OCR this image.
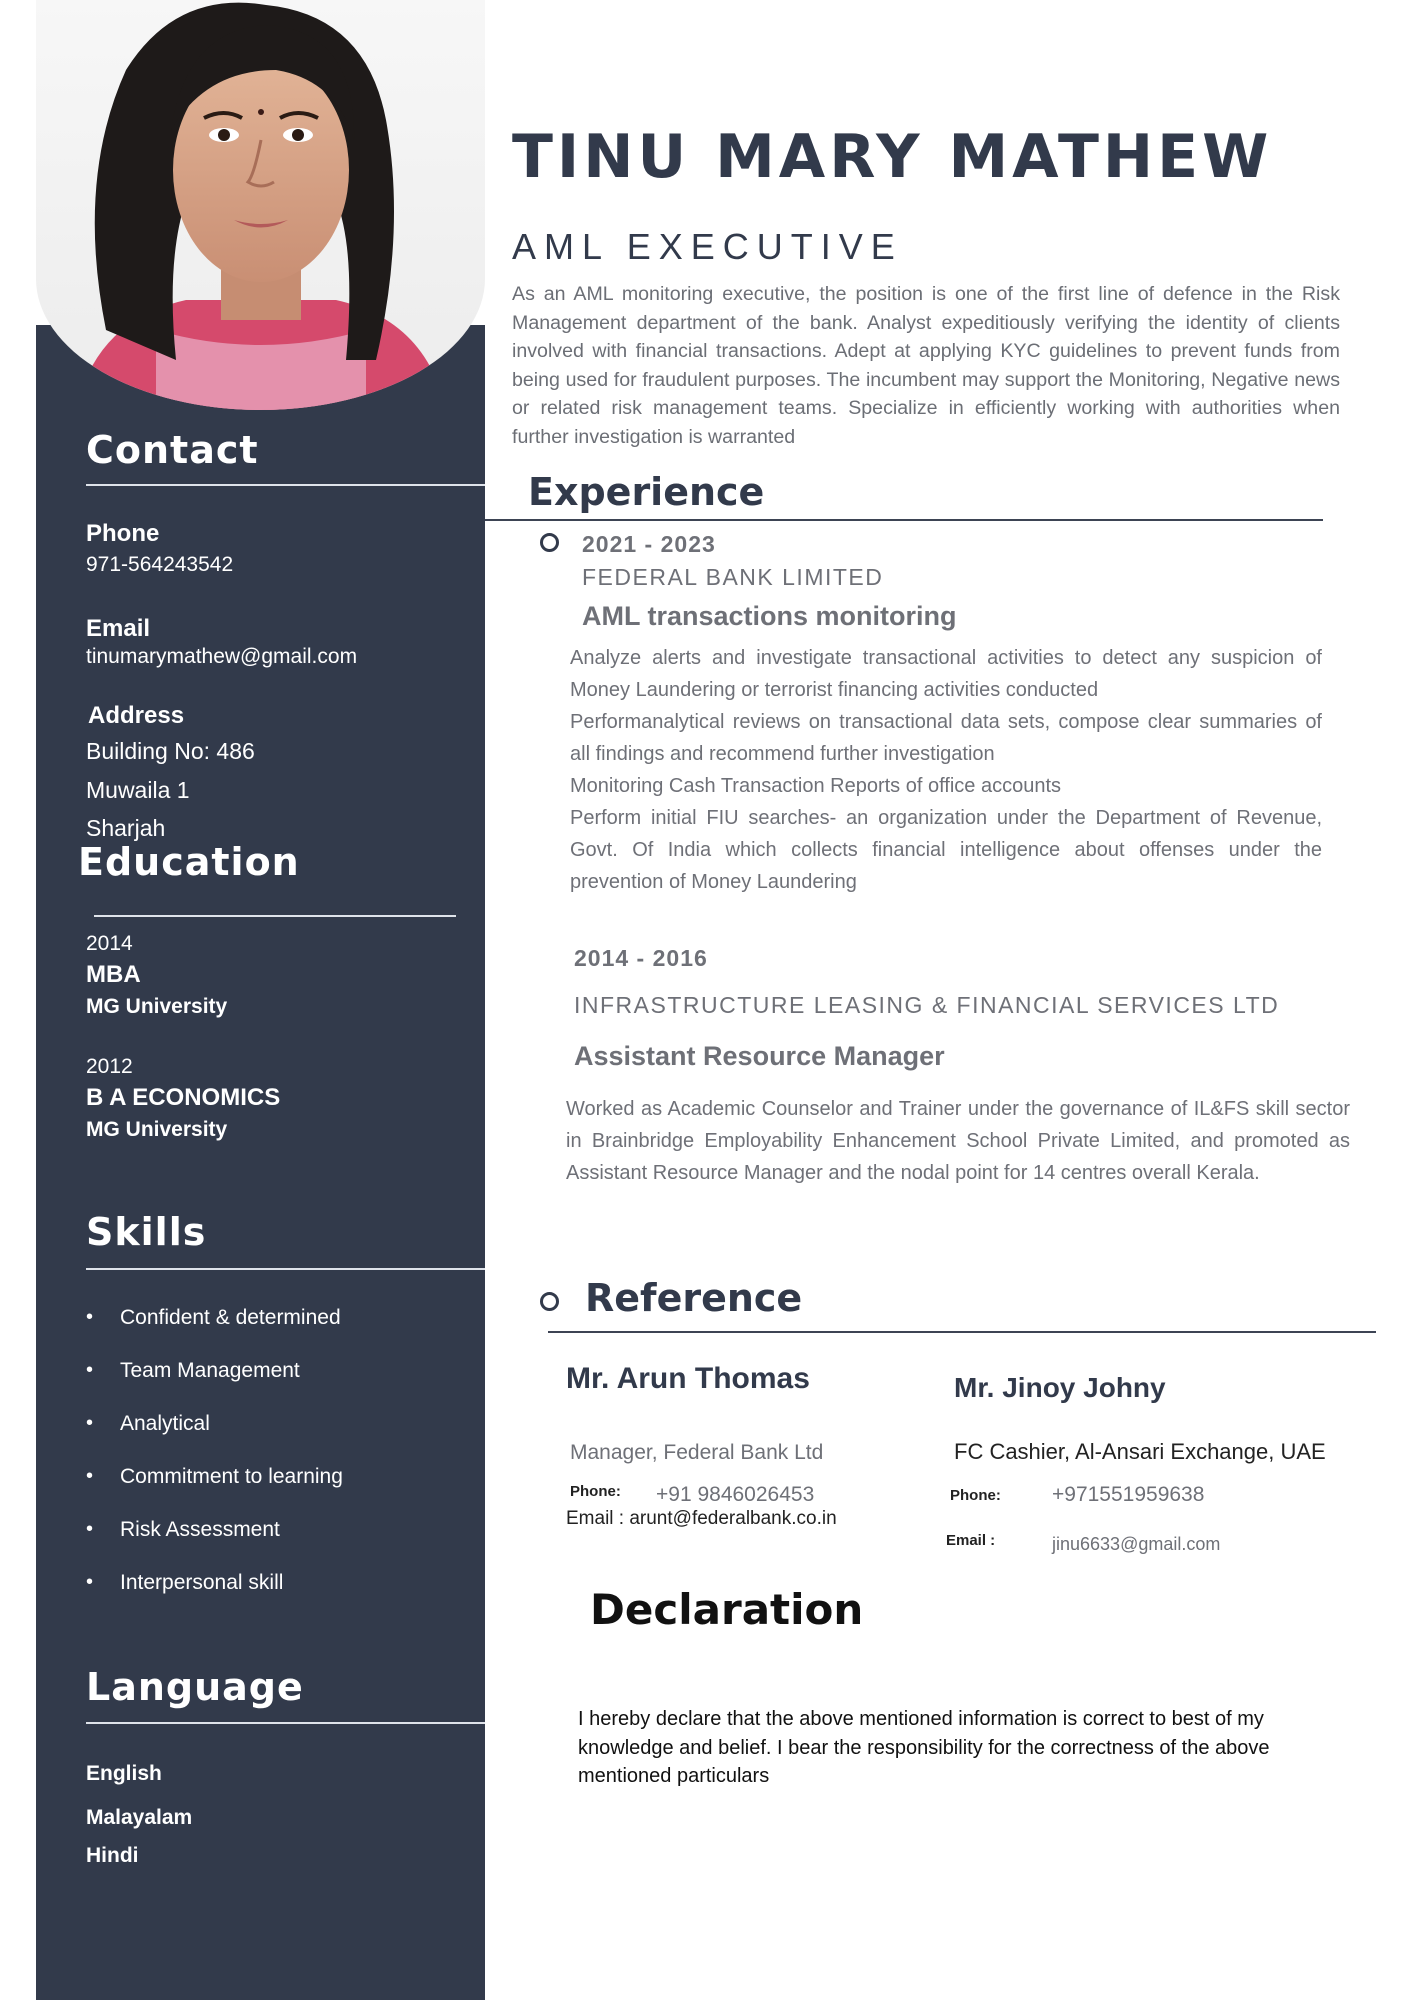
Contact
Phone
971-564243542
Email
tinumarymathew@gmail.com
Address
Building No: 486
Muwaila 1
Sharjah
Education
2014
MBA
MG University
2012
B A ECONOMICS
MG University
Skills
• Confident & determined
• Team Management
• Analytical
• Commitment to learning
• Risk Assessment
• Interpersonal skill
Language
English
Malayalam
Hindi
TINU MARY MATHEW
AML EXECUTIVE
As an AML monitoring executive, the position is one of the first line of defence in the Risk Management department of the bank. Analyst expeditiously verifying the identity of clients involved with financial transactions. Adept at applying KYC guidelines to prevent funds from being used for fraudulent purposes. The incumbent may support the Monitoring, Negative news or related risk management teams. Specialize in efficiently working with authorities when further investigation is warranted
Experience
2021 - 2023
FEDERAL BANK LIMITED
AML transactions monitoring
Analyze alerts and investigate transactional activities to detect any suspicion of Money Laundering or terrorist financing activities conducted
Performanalytical reviews on transactional data sets, compose clear summaries of all findings and recommend further investigation
Monitoring Cash Transaction Reports of office accounts
Perform initial FIU searches- an organization under the Department of Revenue, Govt. Of India which collects financial intelligence about offenses under the prevention of Money Laundering
2014 - 2016
INFRASTRUCTURE LEASING & FINANCIAL SERVICES LTD
Assistant Resource Manager
Worked as Academic Counselor and Trainer under the governance of IL&FS skill sector in Brainbridge Employability Enhancement School Private Limited, and promoted as Assistant Resource Manager and the nodal point for 14 centres overall Kerala.
Reference
Mr. Arun Thomas
Manager, Federal Bank Ltd
Phone: +91 9846026453
Email : arunt@federalbank.co.in
Mr. Jinoy Johny
FC Cashier, Al-Ansari Exchange, UAE
Phone: +971551959638
Email :	jinu6633@gmail.com
Declaration
I hereby declare that the above mentioned information is correct to best of my knowledge and belief. I bear the responsibility for the correctness of the above mentioned particulars
